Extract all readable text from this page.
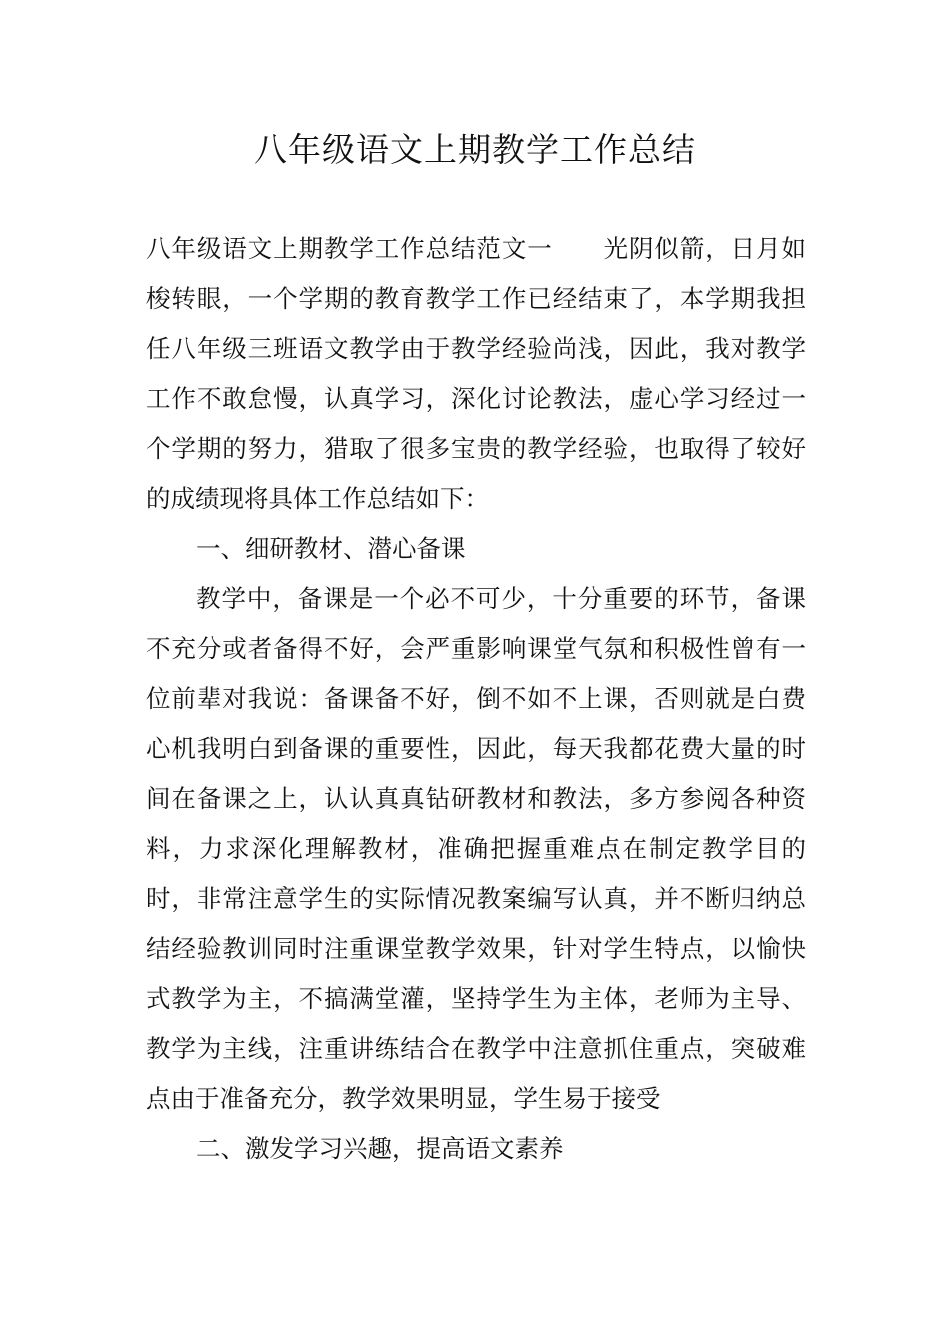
八年级语文上期教学工作总结

八年级语文上期教学工作总结范文一 光阴似箭，日月如梭转眼，一个学期的教育教学工作已经结束了，本学期我担任八年级三班语文教学由于教学经验尚浅，因此，我对教学工作不敢怠慢，认真学习，深化讨论教法，虚心学习经过一个学期的努力，猎取了很多宝贵的教学经验，也取得了较好的成绩现将具体工作总结如下：

一、细研教材、潜心备课

教学中，备课是一个必不可少，十分重要的环节，备课不充分或者备得不好，会严重影响课堂气氛和积极性曾有一位前辈对我说：备课备不好，倒不如不上课，否则就是白费心机我明白到备课的重要性，因此，每天我都花费大量的时间在备课之上，认认真真钻研教材和教法，多方参阅各种资料，力求深化理解教材，准确把握重难点在制定教学目的时，非常注意学生的实际情况教案编写认真，并不断归纳总结经验教训同时注重课堂教学效果，针对学生特点，以愉快式教学为主，不搞满堂灌，坚持学生为主体，老师为主导、教学为主线，注重讲练结合在教学中注意抓住重点，突破难点由于准备充分，教学效果明显，学生易于接受

二、激发学习兴趣，提高语文素养
